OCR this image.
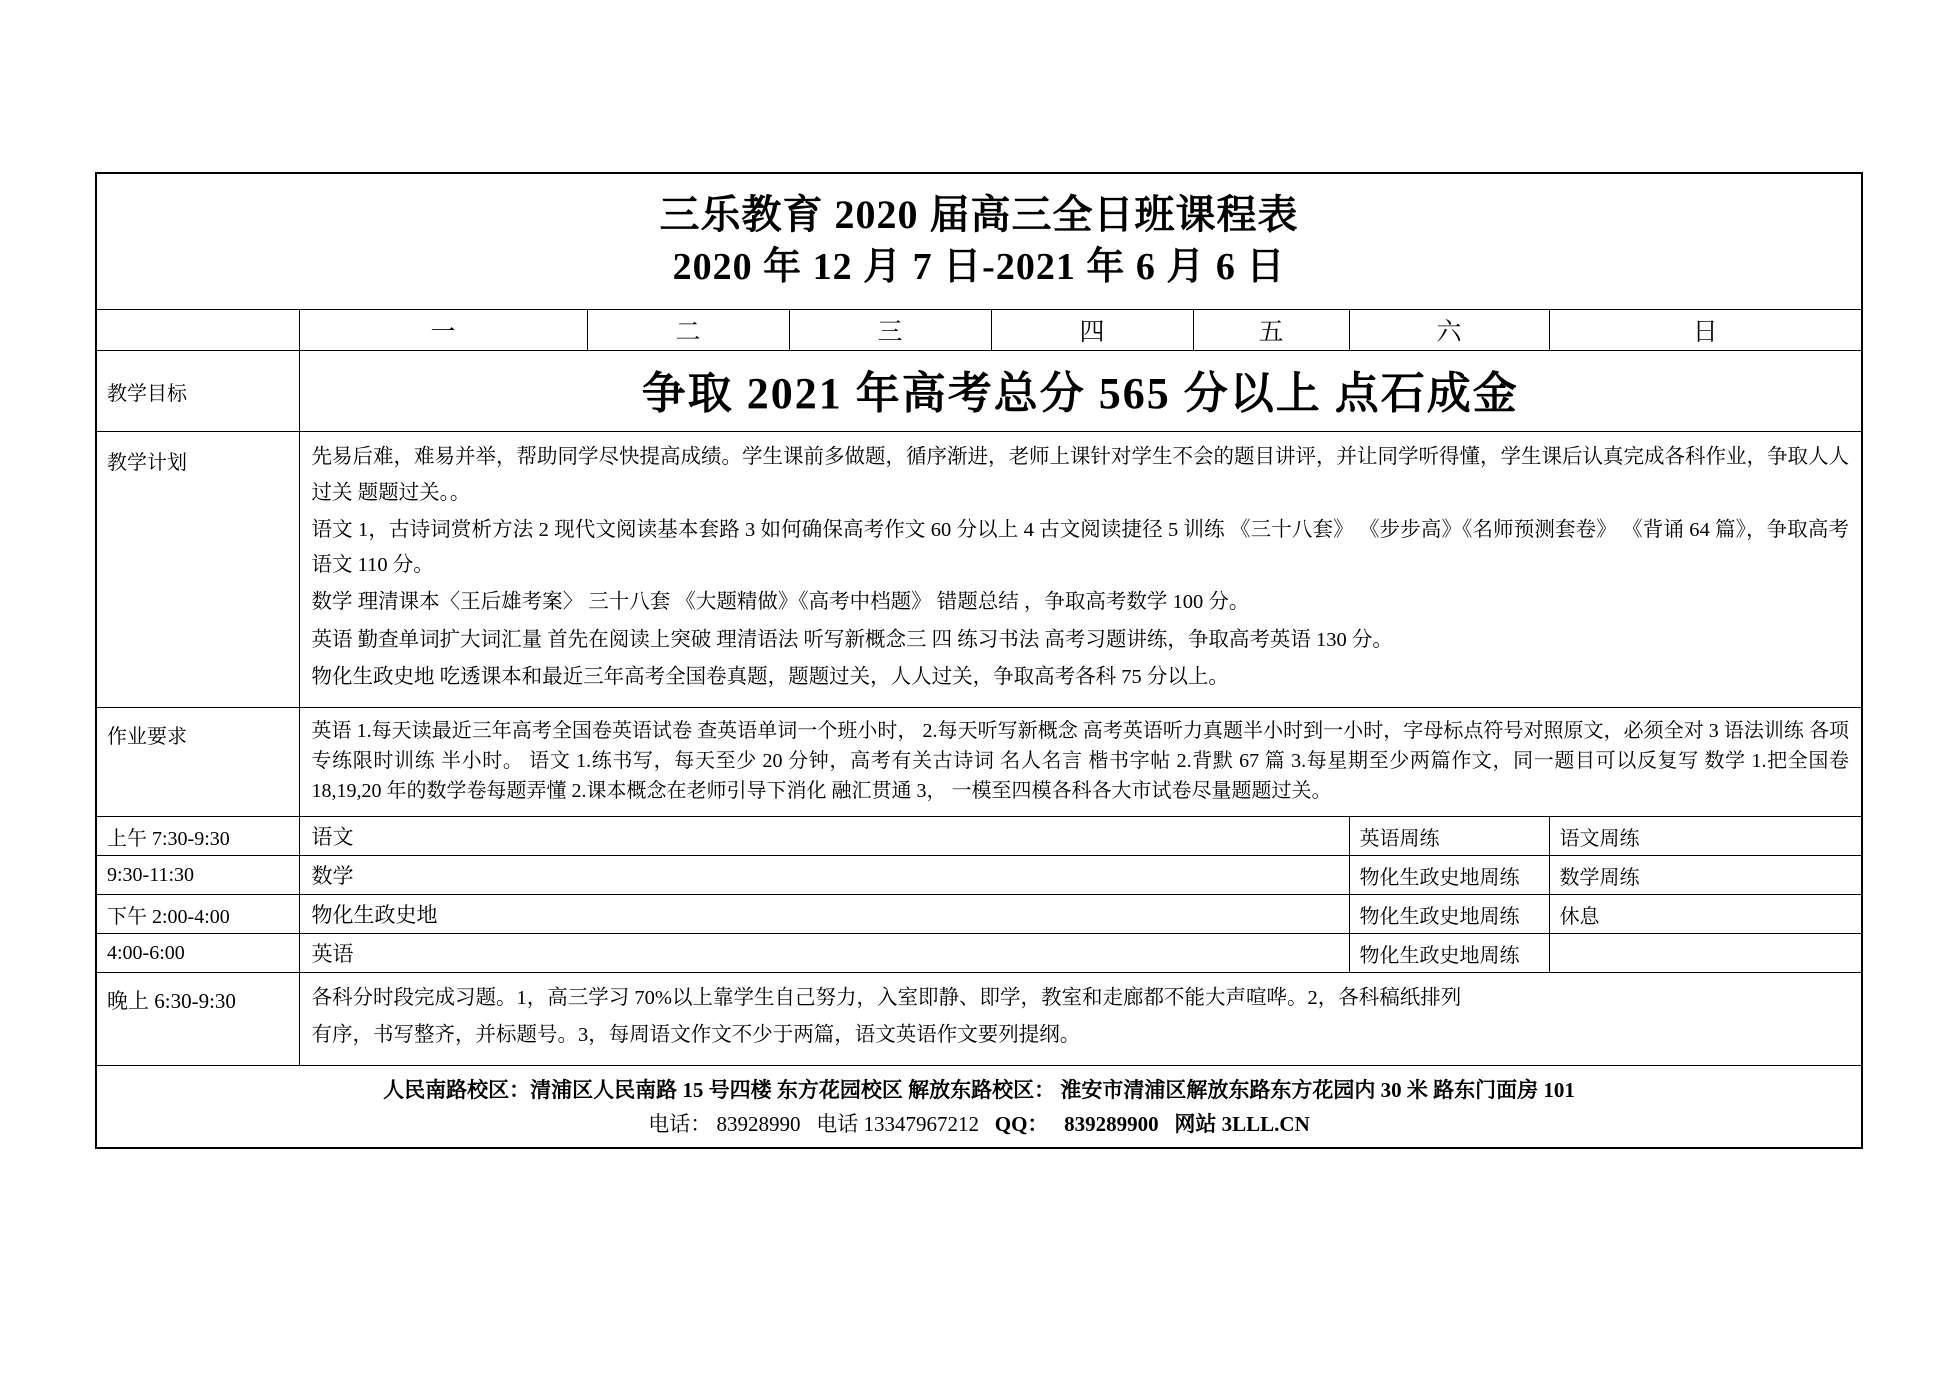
三乐教育 2020 届高三全日班课程表
2020 年 12 月 7 日-2021 年 6 月 6 日							

	一	二	三	四	五	六	日
教学目标	争取 2021 年高考总分 565 分以上 点石成金						
教学计划	先易后难，难易并举，帮助同学尽快提高成绩。学生课前多做题，循序渐进，老师上课针对学生不会的题目讲评，并让同学听得懂，学生课后认真完成各科作业，争取人人过关 题题过关。。

语文 1，古诗词赏析方法 2 现代文阅读基本套路 3 如何确保高考作文 60 分以上 4 古文阅读捷径 5 训练 《三十八套》 《步步高》《名师预测套卷》 《背诵 64 篇》，争取高考语文 110 分。

数学 理清课本〈王后雄考案〉 三十八套 《大题精做》《高考中档题》 错题总结 ，争取高考数学 100 分。

英语 勤查单词扩大词汇量 首先在阅读上突破 理清语法 听写新概念三 四 练习书法 高考习题讲练，争取高考英语 130 分。

物化生政史地 吃透课本和最近三年高考全国卷真题，题题过关，人人过关，争取高考各科 75 分以上。						

作业要求	英语 1.每天读最近三年高考全国卷英语试卷 查英语单词一个班小时， 2.每天听写新概念 高考英语听力真题半小时到一小时，字母标点符号对照原文，必须全对 3 语法训练 各项专练限时训练 半小时。 语文 1.练书写，每天至少 20 分钟，高考有关古诗词 名人名言 楷书字帖 2.背默 67 篇 3.每星期至少两篇作文，同一题目可以反复写 数学 1.把全国卷 18,19,20 年的数学卷每题弄懂 2.课本概念在老师引导下消化 融汇贯通 3， 一模至四模各科各大市试卷尽量题题过关。						

上午 7:30-9:30	语文					英语周练	语文周练
9:30-11:30	数学					物化生政史地周练	数学周练
下午 2:00-4:00	物化生政史地					物化生政史地周练	休息
4:00-6:00	英语					物化生政史地周练	
晚上 6:30-9:30	各科分时段完成习题。1，高三学习 70%以上靠学生自己努力，入室即静、即学，教室和走廊都不能大声喧哗。2，各科稿纸排列

有序，书写整齐，并标题号。3，每周语文作文不少于两篇，语文英语作文要列提纲。						

人民南路校区：清浦区人民南路 15 号四楼 东方花园校区 解放东路校区： 淮安市清浦区解放东路东方花园内 30 米 路东门面房 101
电话： 83928990 电话 13347967212 QQ： 839289900 网站 3LLL.CN							
